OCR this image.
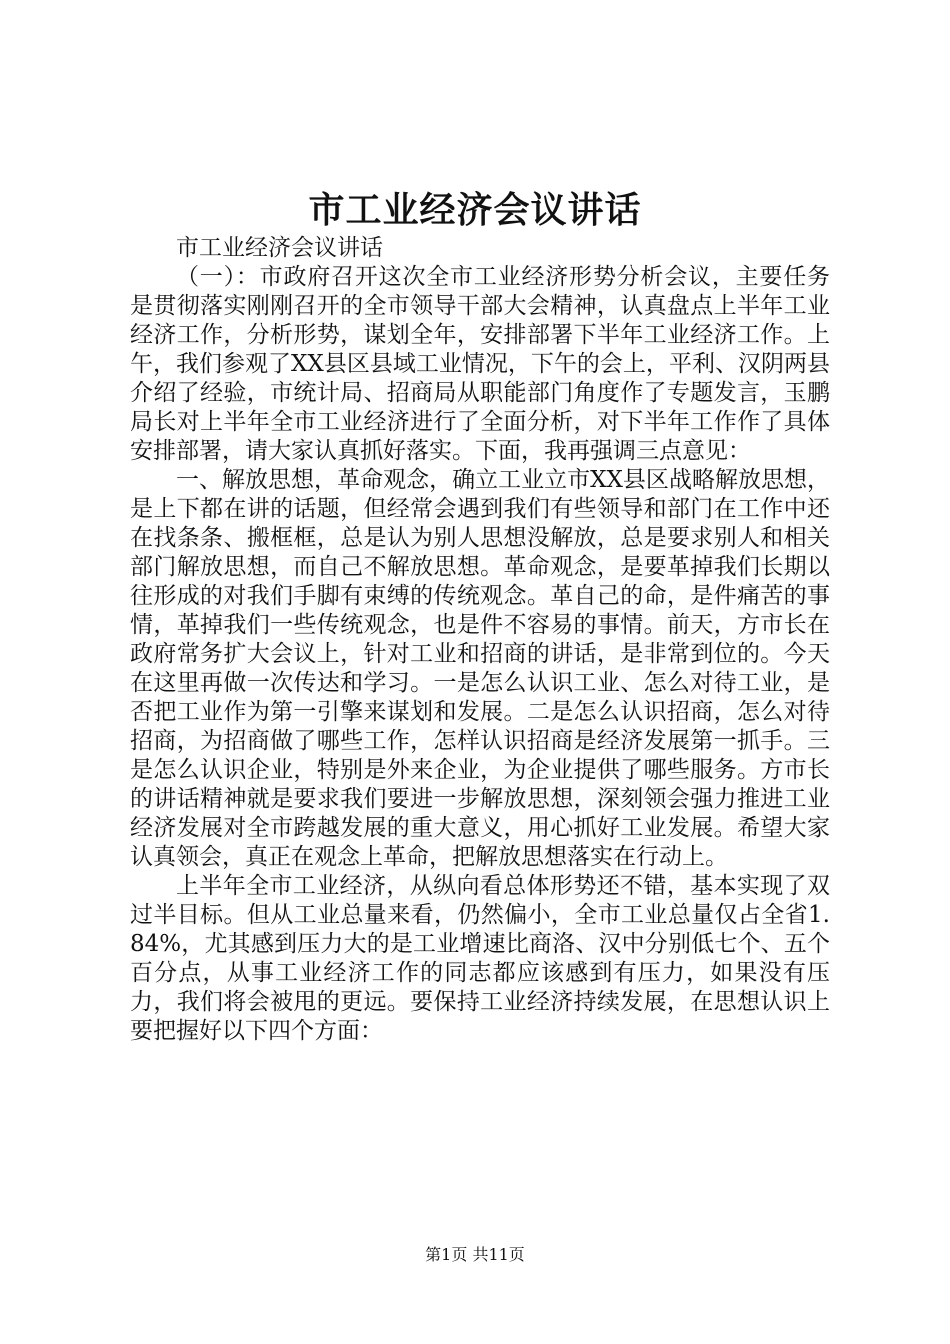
市工业经济会议讲话

市工业经济会议讲话

（一）：市政府召开这次全市工业经济形势分析会议，主要任务是贯彻落实刚刚召开的全市领导干部大会精神，认真盘点上半年工业经济工作，分析形势，谋划全年，安排部署下半年工业经济工作。上午，我们参观了XX县区县域工业情况，下午的会上，平利、汉阴两县介绍了经验，市统计局、招商局从职能部门角度作了专题发言，玉鹏局长对上半年全市工业经济进行了全面分析，对下半年工作作了具体安排部署，请大家认真抓好落实。下面，我再强调三点意见：

一、解放思想，革命观念，确立工业立市XX县区战略解放思想，是上下都在讲的话题，但经常会遇到我们有些领导和部门在工作中还在找条条、搬框框，总是认为别人思想没解放，总是要求别人和相关部门解放思想，而自己不解放思想。革命观念，是要革掉我们长期以往形成的对我们手脚有束缚的传统观念。革自己的命，是件痛苦的事情，革掉我们一些传统观念，也是件不容易的事情。前天，方市长在政府常务扩大会议上，针对工业和招商的讲话，是非常到位的。今天在这里再做一次传达和学习。一是怎么认识工业、怎么对待工业，是否把工业作为第一引擎来谋划和发展。二是怎么认识招商，怎么对待招商，为招商做了哪些工作，怎样认识招商是经济发展第一抓手。三是怎么认识企业，特别是外来企业，为企业提供了哪些服务。方市长的讲话精神就是要求我们要进一步解放思想，深刻领会强力推进工业经济发展对全市跨越发展的重大意义，用心抓好工业发展。希望大家认真领会，真正在观念上革命，把解放思想落实在行动上。

上半年全市工业经济，从纵向看总体形势还不错，基本实现了双过半目标。但从工业总量来看，仍然偏小，全市工业总量仅占全省1.84%，尤其感到压力大的是工业增速比商洛、汉中分别低七个、五个百分点，从事工业经济工作的同志都应该感到有压力，如果没有压力，我们将会被甩的更远。要保持工业经济持续发展，在思想认识上要把握好以下四个方面：

第1页 共11页
